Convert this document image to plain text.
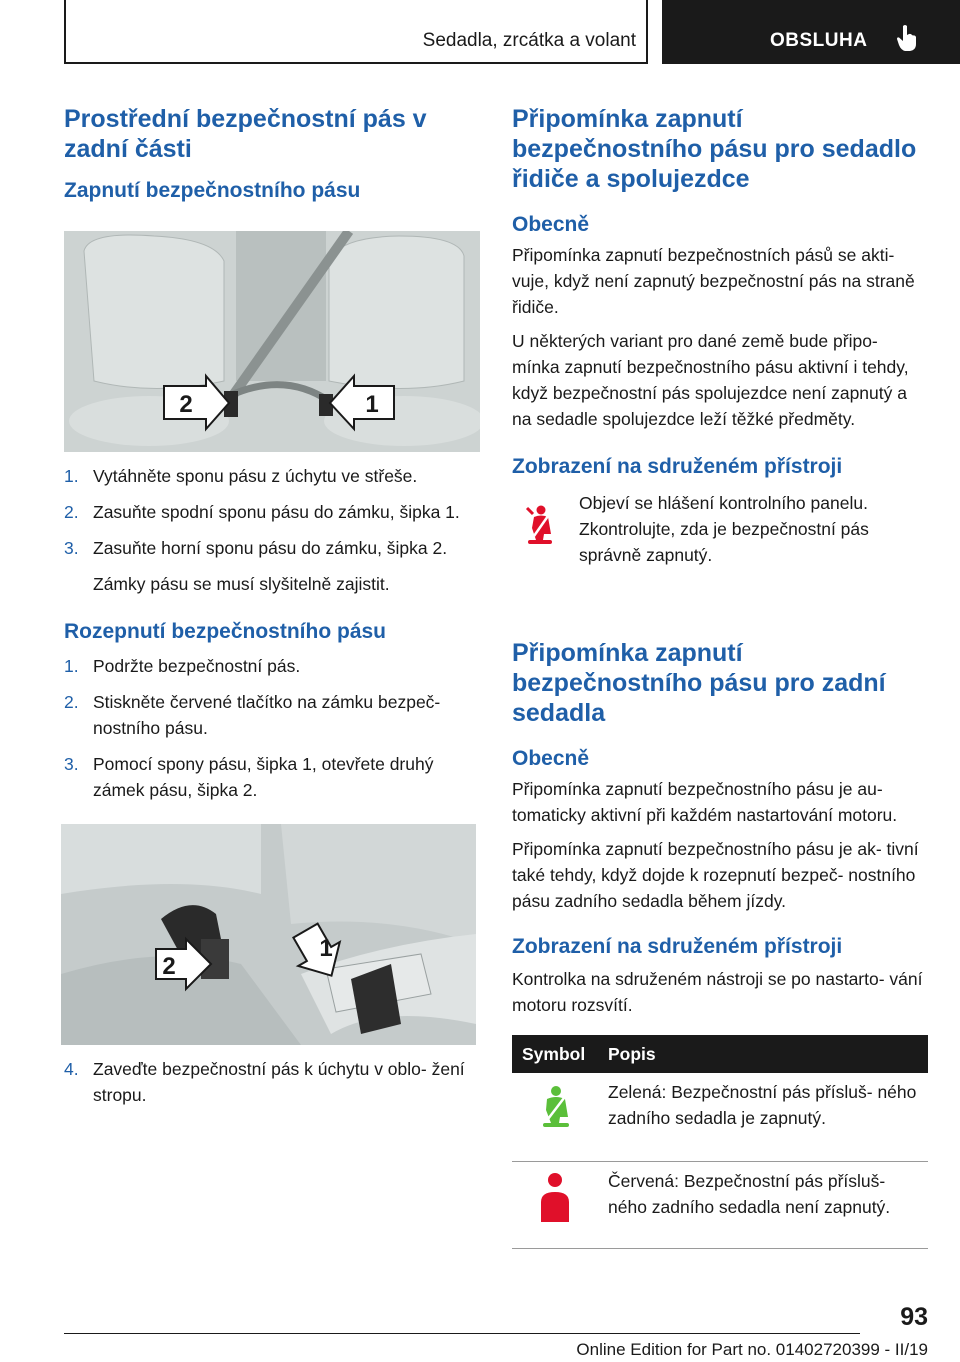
Sedadla, zrcátka a volant	OBSLUHA
Prostřední bezpečnostní pás v zadní části
Zapnutí bezpečnostního pásu
2	1
1. Vytáhněte sponu pásu z úchytu ve střeše.
2. Zasuňte spodní sponu pásu do zámku, šipka 1.
3. Zasuňte horní sponu pásu do zámku, šipka 2.

Zámky pásu se musí slyšitelně zajistit.

Rozepnutí bezpečnostního pásu
1. Podržte bezpečnostní pás.
2. Stiskněte červené tlačítko na zámku bezpeč‐ nostního pásu.
3. Pomocí spony pásu, šipka 1, otevřete druhý zámek pásu, šipka 2.
2
1
4. Zaveďte bezpečnostní pás k úchytu v oblo‐ žení stropu.
Připomínka zapnutí bezpečnostního pásu pro sedadlo řidiče a spolujezdce
Obecně

Připomínka zapnutí bezpečnostních pásů se akti‐ vuje, když není zapnutý bezpečnostní pás na straně řidiče.

U některých variant pro dané země bude připo‐ mínka zapnutí bezpečnostního pásu aktivní i tehdy, když bezpečnostní pás spolujezdce není zapnutý a na sedadle spolujezdce leží těžké předměty.

Zobrazení na sdruženém přístroji

Objeví se hlášení kontrolního panelu. Zkontrolujte, zda je bezpečnostní pás správně zapnutý.

Připomínka zapnutí bezpečnostního pásu pro zadní sedadla
Obecně

Připomínka zapnutí bezpečnostního pásu je au‐ tomaticky aktivní při každém nastartování motoru.

Připomínka zapnutí bezpečnostního pásu je ak‐ tivní také tehdy, když dojde k rozepnutí bezpeč‐ nostního pásu zadního sedadla během jízdy.

Zobrazení na sdruženém přístroji

Kontrolka na sdruženém nástroji se po nastarto‐ vání motoru rozsvítí.

Symbol	Popis
	Zelená: Bezpečnostní pás přísluš‐ ného zadního sedadla je zapnutý.
	Červená: Bezpečnostní pás přísluš‐ ného zadního sedadla není zapnutý.
93
Online Edition for Part no. 01402720399 - II/19
